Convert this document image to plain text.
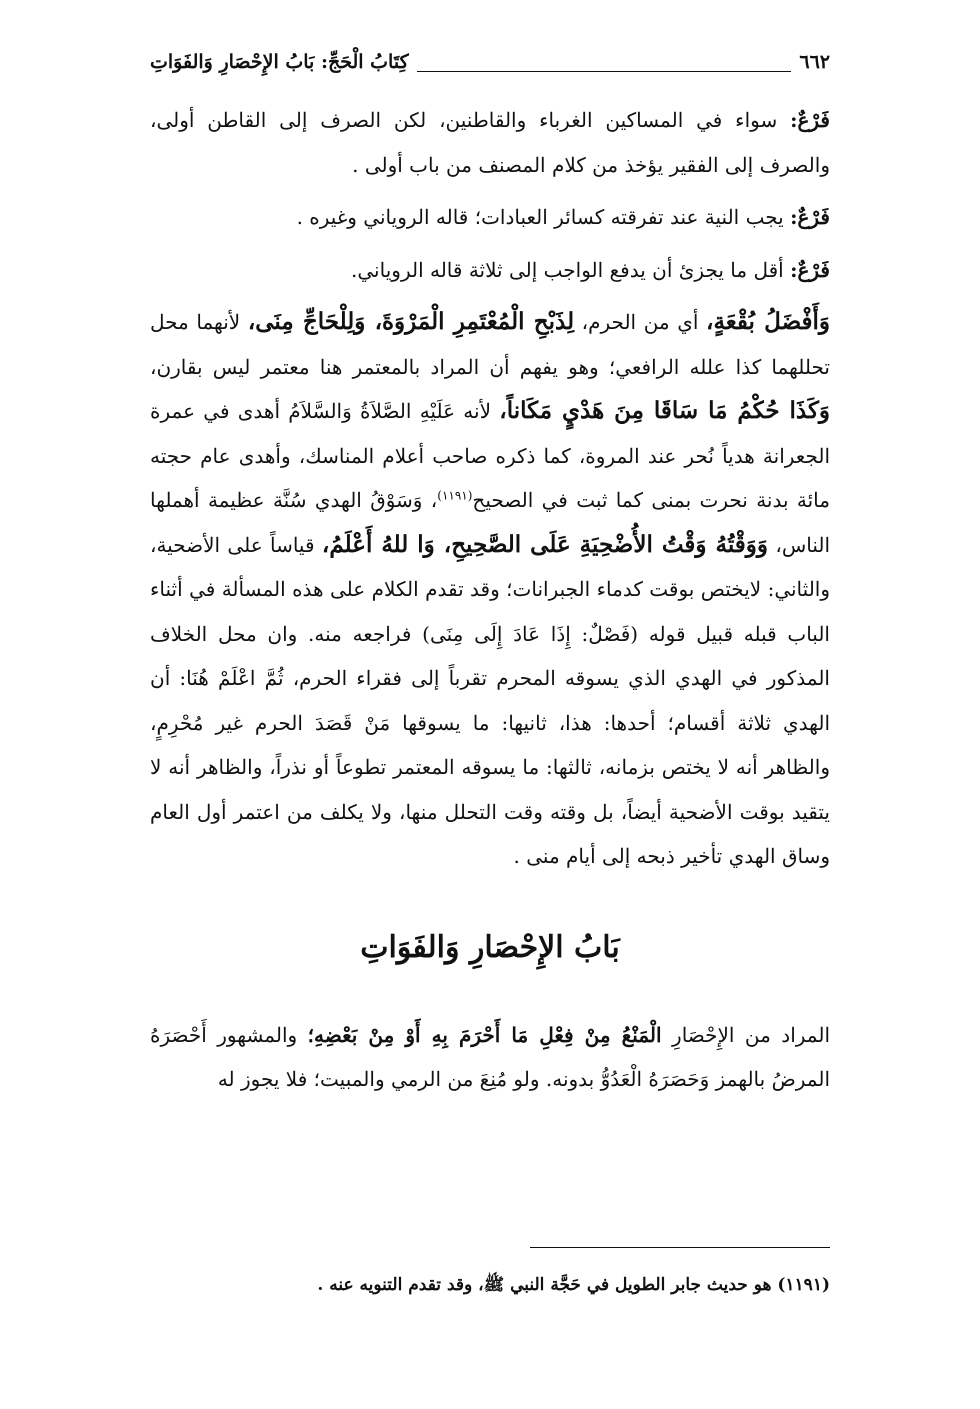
٦٦٢
كِتَابُ الْحَجِّ: بَابُ الإِحْصَارِ وَالفَوَاتِ

فَرْعٌ: سواء في المساكين الغرباء والقاطنين، لكن الصرف إلى القاطن أولى، والصرف إلى الفقير يؤخذ من كلام المصنف من باب أولى .

فَرْعٌ: يجب النية عند تفرقته كسائر العبادات؛ قاله الروياني وغيره .

فَرْعٌ: أقل ما يجزئ أن يدفع الواجب إلى ثلاثة قاله الروياني.

وَأَفْضَلُ بُقْعَةٍ، أي من الحرم، لِذَبْحِ الْمُعْتَمِرِ الْمَرْوَةَ، وَلِلْحَاجِّ مِنَى، لأنهما محل تحللهما كذا علله الرافعي؛ وهو يفهم أن المراد بالمعتمر هنا معتمر ليس بقارن، وَكَذَا حُكْمُ مَا سَاقَا مِنَ هَدْيٍ مَكَاناً، لأنه عَلَيْهِ الصَّلاَةُ وَالسَّلاَمُ أهدى في عمرة الجعرانة هدياً نُحر عند المروة، كما ذكره صاحب أعلام المناسك، وأهدى عام حجته مائة بدنة نحرت بمنى كما ثبت في الصحيح$^{(١١٩١)}$، وَسَوْقُ الهدي سُنَّة عظيمة أهملها الناس، وَوَقْتُهُ وَقْتُ الأُضْحِيَةِ عَلَى الصَّحِيحِ، وَا للهُ أَعْلَمُ، قياساً على الأضحية، والثاني: لايختص بوقت كدماء الجبرانات؛ وقد تقدم الكلام على هذه المسألة في أثناء الباب قبله قبيل قوله (فَصْلٌ: إِذَا عَادَ إِلَى مِنَى) فراجعه منه. وان محل الخلاف المذكور في الهدي الذي يسوقه المحرم تقرباً إلى فقراء الحرم، ثُمَّ اعْلَمْ هُنَا: أن الهدي ثلاثة أقسام؛ أحدها: هذا، ثانيها: ما يسوقها مَنْ قَصَدَ الحرم غير مُحْرِمٍ، والظاهر أنه لا يختص بزمانه، ثالثها: ما يسوقه المعتمر تطوعاً أو نذراً، والظاهر أنه لا يتقيد بوقت الأضحية أيضاً، بل وقته وقت التحلل منها، ولا يكلف من اعتمر أول العام وساق الهدي تأخير ذبحه إلى أيام منى .

بَابُ الإِحْصَارِ وَالفَوَاتِ

المراد من الإِحْصَارِ الْمَنْعُ مِنْ فِعْلِ مَا أَحْرَمَ بِهِ أَوْ مِنْ بَعْضِهِ؛ والمشهور أَحْصَرَهُ المرضُ بالهمز وَحَصَرَهُ الْعَدُوُّ بدونه. ولو مُنِعَ من الرمي والمبيت؛ فلا يجوز له

(١١٩١) هو حديث جابر الطويل في حَجَّة النبي ﷺ، وقد تقدم التنويه عنه .
